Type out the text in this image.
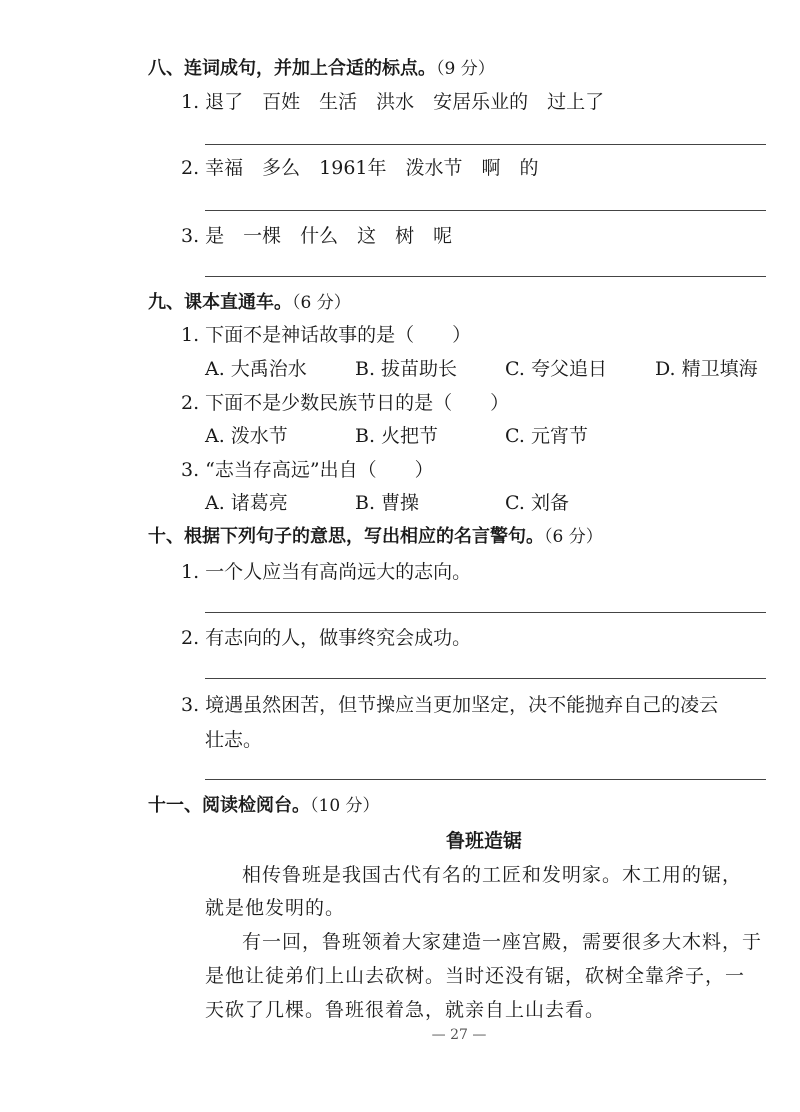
八、连词成句，并加上合适的标点。（9 分）
1. 退了　百姓　生活　洪水　安居乐业的　过上了
2. 幸福　多么　1961年　泼水节　啊　的
3. 是　一棵　什么　这　树　呢
九、课本直通车。（6 分）
1. 下面不是神话故事的是（　　）
A. 大禹治水	B. 拔苗助长	C. 夸父追日	D. 精卫填海
2. 下面不是少数民族节日的是（　　）
A. 泼水节	B. 火把节	C. 元宵节
3. “志当存高远”出自（　　）
A. 诸葛亮	B. 曹操	C. 刘备
十、根据下列句子的意思，写出相应的名言警句。（6 分）
1. 一个人应当有高尚远大的志向。
2. 有志向的人，做事终究会成功。
3. 境遇虽然困苦，但节操应当更加坚定，决不能抛弃自己的凌云
壮志。
十一、阅读检阅台。（10 分）
鲁班造锯
相传鲁班是我国古代有名的工匠和发明家。木工用的锯，
就是他发明的。
有一回，鲁班领着大家建造一座宫殿，需要很多大木料，于
是他让徒弟们上山去砍树。当时还没有锯，砍树全靠斧子，一
天砍了几棵。鲁班很着急，就亲自上山去看。
— 27 —
